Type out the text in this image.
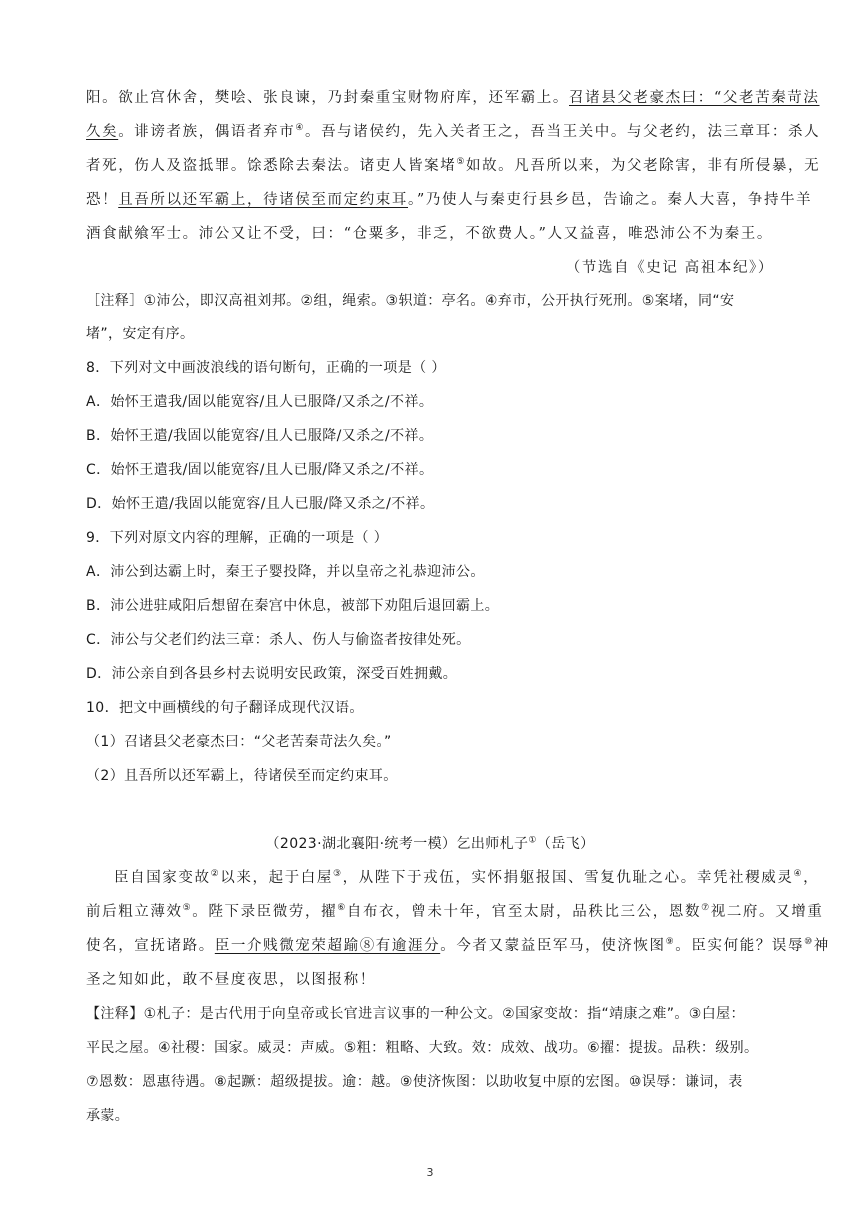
阳。欲止宫休舍，樊哙、张良谏，乃封秦重宝财物府库，还军霸上。召诸县父老豪杰曰：“父老苦秦苛法
久矣。诽谤者族，偶语者弃市④。吾与诸侯约，先入关者王之，吾当王关中。与父老约，法三章耳：杀人
者死，伤人及盗抵罪。馀悉除去秦法。诸吏人皆案堵⑤如故。凡吾所以来，为父老除害，非有所侵暴，无
恐！且吾所以还军霸上，待诸侯至而定约束耳。”乃使人与秦吏行县乡邑，告谕之。秦人大喜，争持牛羊
酒食献飨军士。沛公又让不受，曰：“仓粟多，非乏，不欲费人。”人又益喜，唯恐沛公不为秦王。
（节选自《史记 高祖本纪》）
［注释］①沛公，即汉高祖刘邦。②组，绳索。③轵道：亭名。④弃市，公开执行死刑。⑤案堵，同“安
堵”，安定有序。
8．下列对文中画波浪线的语句断句，正确的一项是（ ）
A．始怀王遣我/固以能宽容/且人已服降/又杀之/不祥。
B．始怀王遣/我固以能宽容/且人已服降/又杀之/不祥。
C．始怀王遣我/固以能宽容/且人已服/降又杀之/不祥。
D．始怀王遣/我固以能宽容/且人已服/降又杀之/不祥。
9．下列对原文内容的理解，正确的一项是（ ）
A．沛公到达霸上时，秦王子婴投降，并以皇帝之礼恭迎沛公。
B．沛公进驻咸阳后想留在秦宫中休息，被部下劝阻后退回霸上。
C．沛公与父老们约法三章：杀人、伤人与偷盗者按律处死。
D．沛公亲自到各县乡村去说明安民政策，深受百姓拥戴。
10．把文中画横线的句子翻译成现代汉语。
（1）召诸县父老豪杰曰：“父老苦秦苛法久矣。”
（2）且吾所以还军霸上，待诸侯至而定约束耳。
（2023·湖北襄阳·统考一模）乞出师札子①（岳飞）
臣自国家变故②以来，起于白屋③，从陛下于戎伍，实怀捐躯报国、雪复仇耻之心。幸凭社稷威灵④，
前后粗立薄效⑤。陛下录臣微劳，擢⑥自布衣，曾未十年，官至太尉，品秩比三公，恩数⑦视二府。又增重
使名，宣抚诸路。臣一介贱微宠荣超踰⑧有逾涯分。今者又蒙益臣军马，使济恢图⑨。臣实何能？误辱⑩神
圣之知如此，敢不昼度夜思，以图报称！
【注释】①札子：是古代用于向皇帝或长官进言议事的一种公文。②国家变故：指“靖康之难”。③白屋：
平民之屋。④社稷：国家。威灵：声威。⑤粗：粗略、大致。效：成效、战功。⑥擢：提拔。品秩：级别。
⑦恩数：恩惠待遇。⑧起蹶：超级提拔。逾：越。⑨使济恢图：以助收复中原的宏图。⑩误辱：谦词，表
承蒙。
3
